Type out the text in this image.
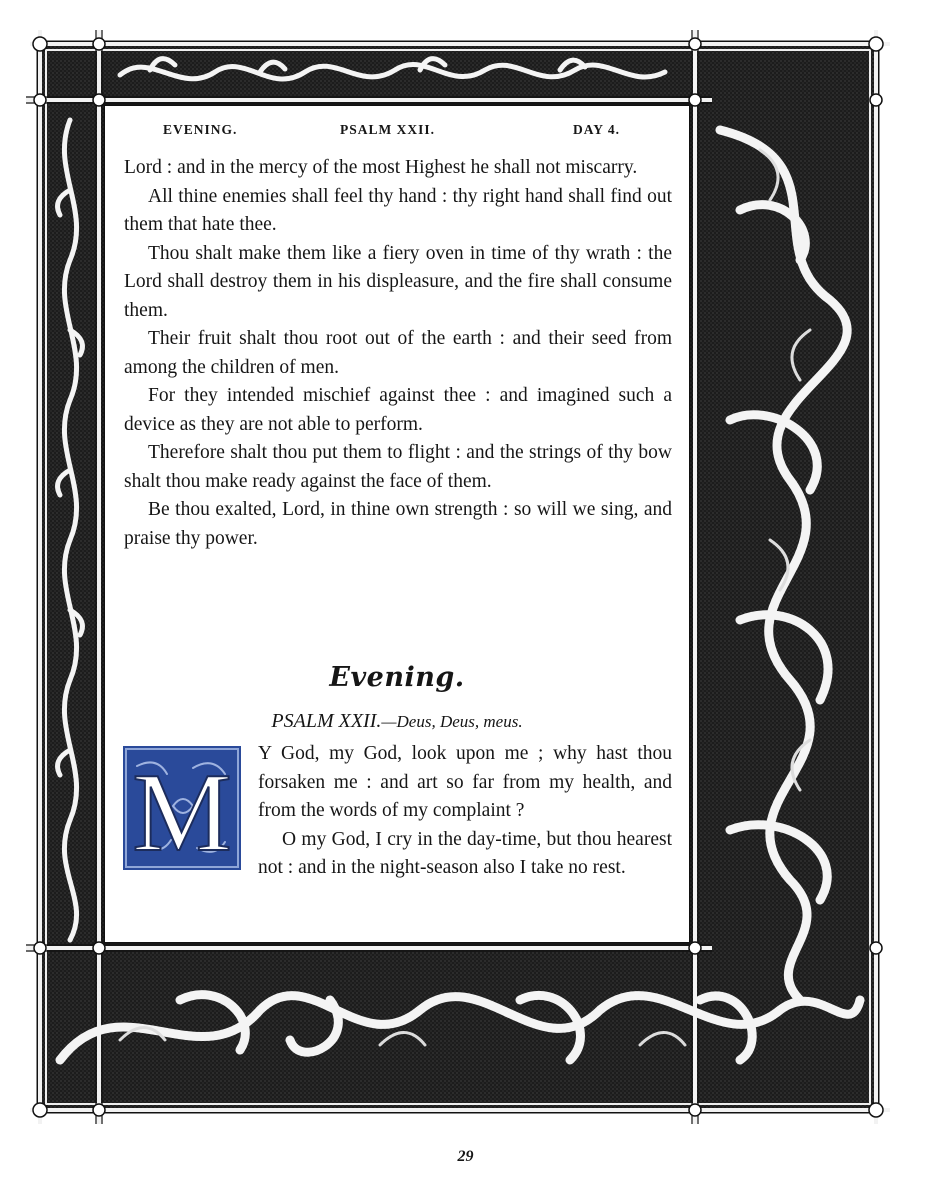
EVENING.	PSALM XXII.	DAY 4.

Lord : and in the mercy of the most Highest he shall not miscarry.

All thine enemies shall feel thy hand : thy right hand shall find out them that hate thee.

Thou shalt make them like a fiery oven in time of thy wrath : the Lord shall destroy them in his displeasure, and the fire shall consume them.

Their fruit shalt thou root out of the earth : and their seed from among the children of men.

For they intended mischief against thee : and imagined such a device as they are not able to perform.

Therefore shalt thou put them to flight : and the strings of thy bow shalt thou make ready against the face of them.

Be thou exalted, Lord, in thine own strength : so will we sing, and praise thy power.

Evening.
PSALM XXII.—Deus, Deus, meus.

Y God, my God, look upon me ; why hast thou forsaken me : and art so far from my health, and from the words of my complaint ?

O my God, I cry in the day-time, but thou hearest not : and in the night-season also I take no rest.

M
29
